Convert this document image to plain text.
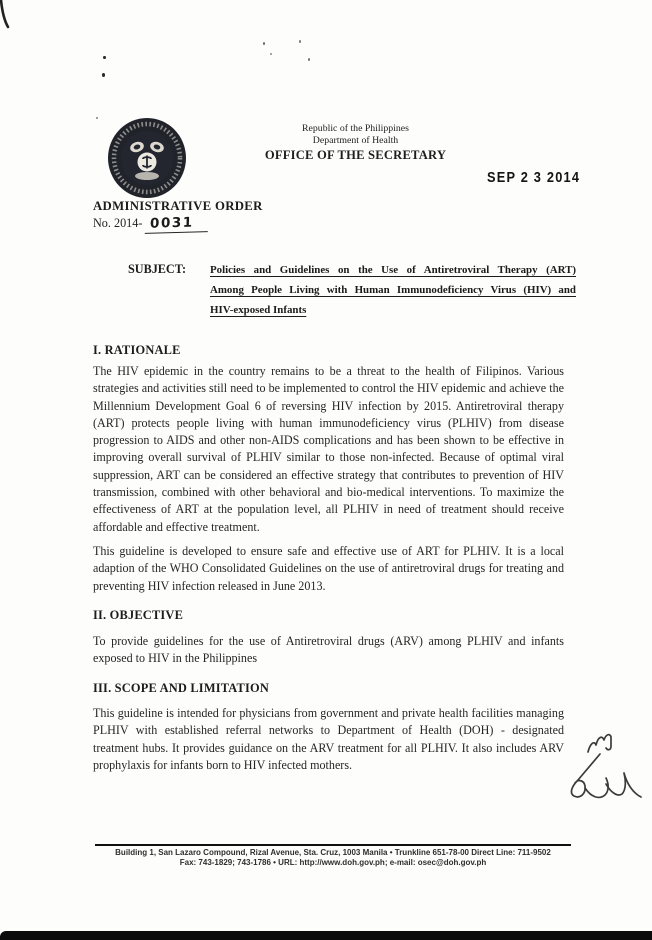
Republic of the Philippines
Department of Health
OFFICE OF THE SECRETARY
SEP 2 3 2014
ADMINISTRATIVE ORDER
No. 2014- 0031
SUBJECT: Policies and Guidelines on the Use of Antiretroviral Therapy (ART)
Among People Living with Human Immunodeficiency Virus (HIV) and
HIV-exposed Infants
I. RATIONALE
The HIV epidemic in the country remains to be a threat to the health of Filipinos. Various strategies and activities still need to be implemented to control the HIV epidemic and achieve the Millennium Development Goal 6 of reversing HIV infection by 2015. Antiretroviral therapy (ART) protects people living with human immunodeficiency virus (PLHIV) from disease progression to AIDS and other non-AIDS complications and has been shown to be effective in improving overall survival of PLHIV similar to those non-infected. Because of optimal viral suppression, ART can be considered an effective strategy that contributes to prevention of HIV transmission, combined with other behavioral and bio-medical interventions. To maximize the effectiveness of ART at the population level, all PLHIV in need of treatment should receive affordable and effective treatment.
This guideline is developed to ensure safe and effective use of ART for PLHIV. It is a local adaption of the WHO Consolidated Guidelines on the use of antiretroviral drugs for treating and preventing HIV infection released in June 2013.
II. OBJECTIVE
To provide guidelines for the use of Antiretroviral drugs (ARV) among PLHIV and infants exposed to HIV in the Philippines
III. SCOPE AND LIMITATION
This guideline is intended for physicians from government and private health facilities managing PLHIV with established referral networks to Department of Health (DOH) - designated treatment hubs. It provides guidance on the ARV treatment for all PLHIV. It also includes ARV prophylaxis for infants born to HIV infected mothers.
Building 1, San Lazaro Compound, Rizal Avenue, Sta. Cruz, 1003 Manila • Trunkline 651-78-00 Direct Line: 711-9502
Fax: 743-1829; 743-1786 • URL: http://www.doh.gov.ph; e-mail: osec@doh.gov.ph
